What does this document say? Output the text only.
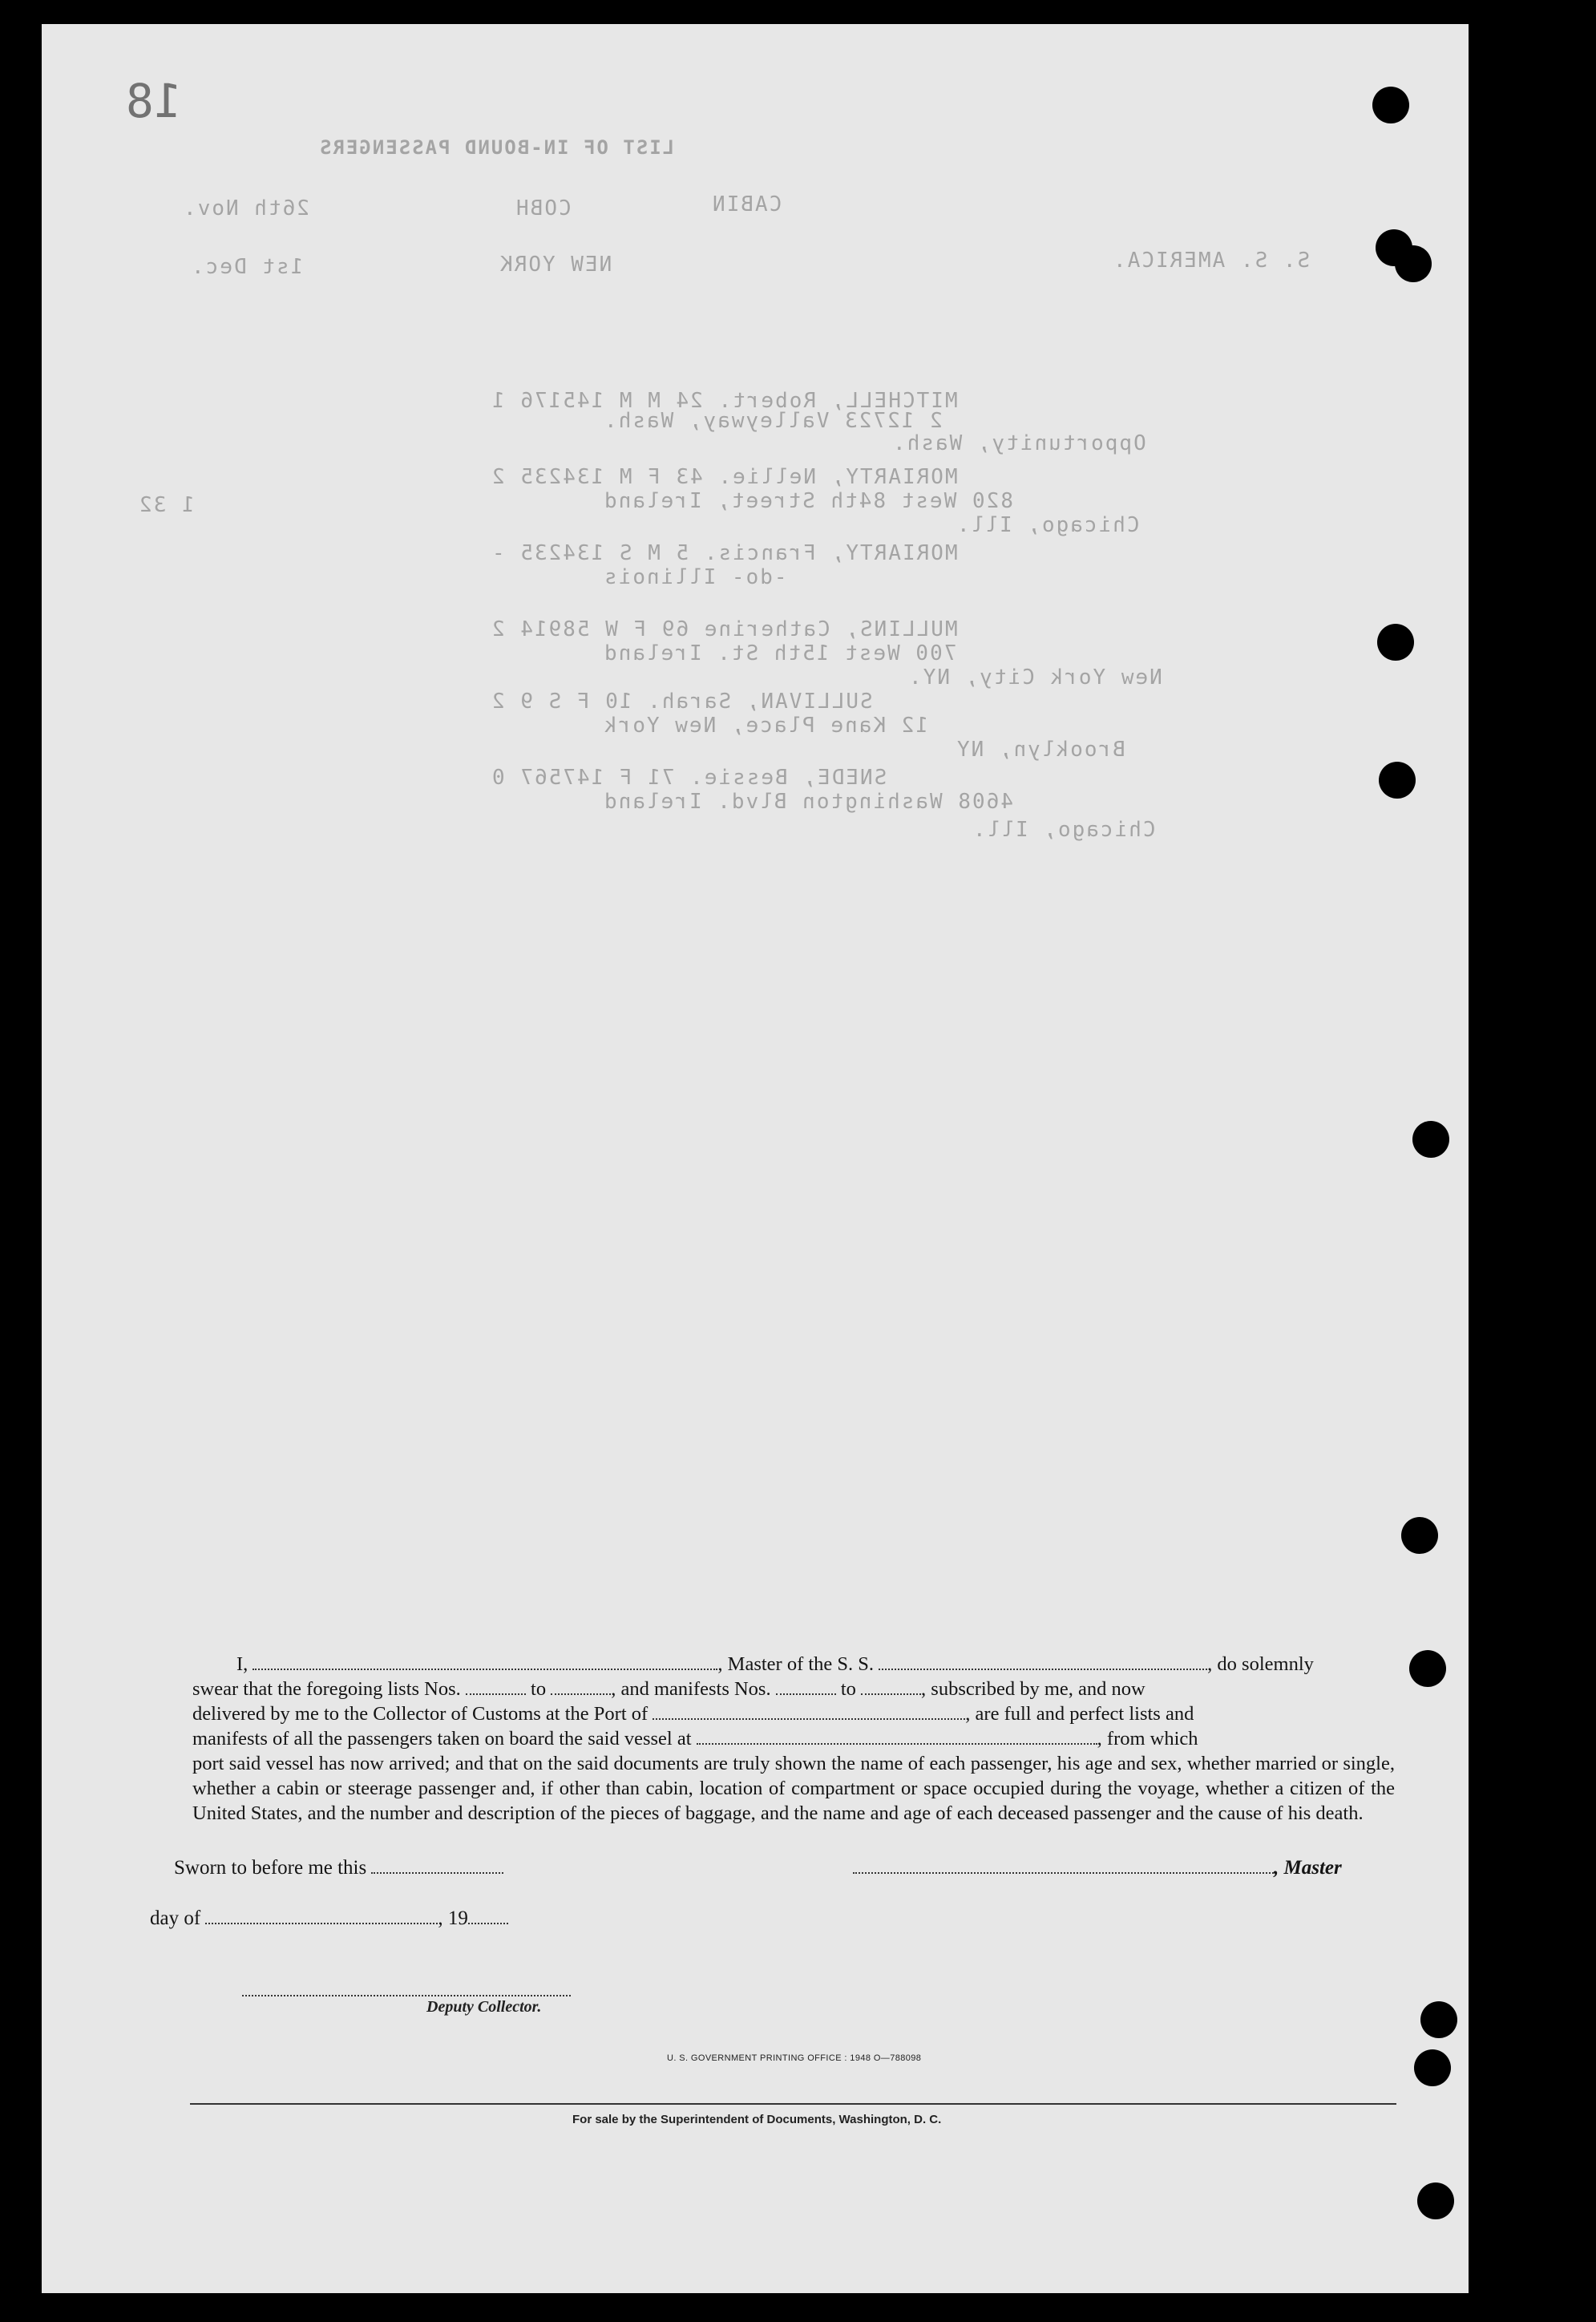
18
LIST OF IN-BOUND PASSENGERS
CABIN
COBH
26th Nov.
S. S. AMERICA.
NEW YORK
1st Dec.
MITCHELL, Robert. 24 M M 145176 1
2 12723 Valleyway, Wash.
Opportunity, Wash.
MORIARTY, Nellie. 43 F M 134235 2
820 West 84th Street, Ireland
Chicago, Ill.
MORIARTY, Francis. 5 M S 134235 -
-do- Illinois
MULLINS, Catherine 69 F W 58914 2
700 West 15th St. Ireland
New York City, NY.
SULLIVAN, Sarah. 10 F S 9 2
12 Kane Place, New York
Brooklyn, NY
SNEDE, Bessie. 71 F 147567 0
4608 Washington Blvd. Ireland
Chicago, Ill.
1 32

I,	, Master of the S. S.	, do solemnly

swear that the foregoing lists Nos.	to	, and manifests Nos.	to	, subscribed by me, and now

delivered by me to the Collector of Customs at the Port of	, are full and perfect lists and

manifests of all the passengers taken on board the said vessel at	, from which

port said vessel has now arrived; and that on the said documents are truly shown the name of each passenger, his age and sex, whether married or single, whether a cabin or steerage passenger and, if other than cabin, location of compartment or space occupied during the voyage, whether a citizen of the United States, and the number and description of the pieces of baggage, and the name and age of each deceased passenger and the cause of his death.

Sworn to before me this	, Master
day of	, 19
Deputy Collector.
U. S. GOVERNMENT PRINTING OFFICE : 1948 O—788098
For sale by the Superintendent of Documents, Washington, D. C.
